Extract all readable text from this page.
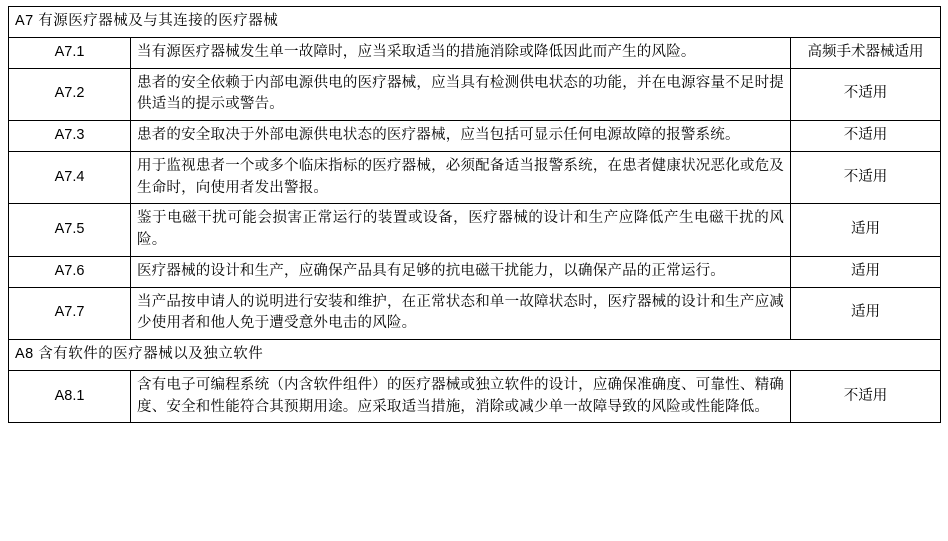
A7 有源医疗器械及与其连接的医疗器械		
A7.1	当有源医疗器械发生单一故障时，应当采取适当的措施消除或降低因此而产生的风险。	高频手术器械适用
A7.2	患者的安全依赖于内部电源供电的医疗器械，应当具有检测供电状态的功能，并在电源容量不足时提供适当的提示或警告。	不适用
A7.3	患者的安全取决于外部电源供电状态的医疗器械，应当包括可显示任何电源故障的报警系统。	不适用
A7.4	用于监视患者一个或多个临床指标的医疗器械，必须配备适当报警系统，在患者健康状况恶化或危及生命时，向使用者发出警报。	不适用
A7.5	鉴于电磁干扰可能会损害正常运行的装置或设备，医疗器械的设计和生产应降低产生电磁干扰的风险。	适用
A7.6	医疗器械的设计和生产，应确保产品具有足够的抗电磁干扰能力，以确保产品的正常运行。	适用
A7.7	当产品按申请人的说明进行安装和维护，在正常状态和单一故障状态时，医疗器械的设计和生产应减少使用者和他人免于遭受意外电击的风险。	适用
A8 含有软件的医疗器械以及独立软件		
A8.1	含有电子可编程系统（内含软件组件）的医疗器械或独立软件的设计，应确保准确度、可靠性、精确度、安全和性能符合其预期用途。应采取适当措施，消除或减少单一故障导致的风险或性能降低。	不适用
